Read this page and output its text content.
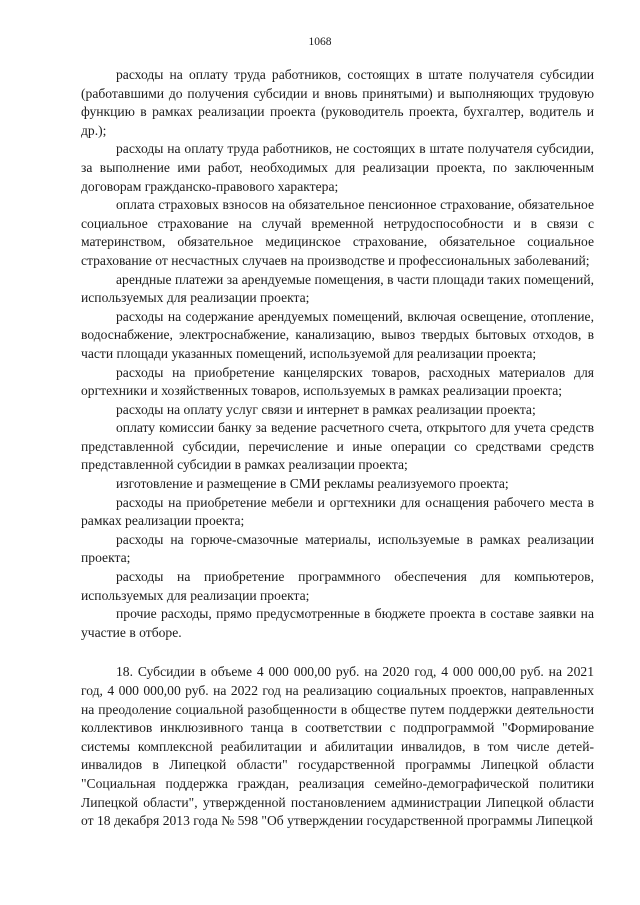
1068

расходы на оплату труда работников, состоящих в штате получателя субсидии (работавшими до получения субсидии и вновь принятыми) и выполняющих трудовую функцию в рамках реализации проекта (руководитель проекта, бухгалтер, водитель и др.);

расходы на оплату труда работников, не состоящих в штате получателя субсидии, за выполнение ими работ, необходимых для реализации проекта, по заключенным договорам гражданско-правового характера;

оплата страховых взносов на обязательное пенсионное страхование, обязательное социальное страхование на случай временной нетрудоспособности и в связи с материнством, обязательное медицинское страхование, обязательное социальное страхование от несчастных случаев на производстве и профессиональных заболеваний;

арендные платежи за арендуемые помещения, в части площади таких помещений, используемых для реализации проекта;

расходы на содержание арендуемых помещений, включая освещение, отопление, водоснабжение, электроснабжение, канализацию, вывоз твердых бытовых отходов, в части площади указанных помещений, используемой для реализации проекта;

расходы на приобретение канцелярских товаров, расходных материалов для оргтехники и хозяйственных товаров, используемых в рамках реализации проекта;

расходы на оплату услуг связи и интернет в рамках реализации проекта;

оплату комиссии банку за ведение расчетного счета, открытого для учета средств представленной субсидии, перечисление и иные операции со средствами средств представленной субсидии в рамках реализации проекта;

изготовление и размещение в СМИ рекламы реализуемого проекта;

расходы на приобретение мебели и оргтехники для оснащения рабочего места в рамках реализации проекта;

расходы на горюче-смазочные материалы, используемые в рамках реализации проекта;

расходы на приобретение программного обеспечения для компьютеров, используемых для реализации проекта;

прочие расходы, прямо предусмотренные в бюджете проекта в составе заявки на участие в отборе.

18. Субсидии в объеме 4 000 000,00 руб. на 2020 год, 4 000 000,00 руб. на 2021 год, 4 000 000,00 руб. на 2022 год на реализацию социальных проектов, направленных на преодоление социальной разобщенности в обществе путем поддержки деятельности коллективов инклюзивного танца в соответствии с подпрограммой "Формирование системы комплексной реабилитации и абилитации инвалидов, в том числе детей-инвалидов в Липецкой области" государственной программы Липецкой области "Социальная поддержка граждан, реализация семейно-демографической политики Липецкой области", утвержденной постановлением администрации Липецкой области от 18 декабря 2013 года № 598 "Об утверждении государственной программы Липецкой
